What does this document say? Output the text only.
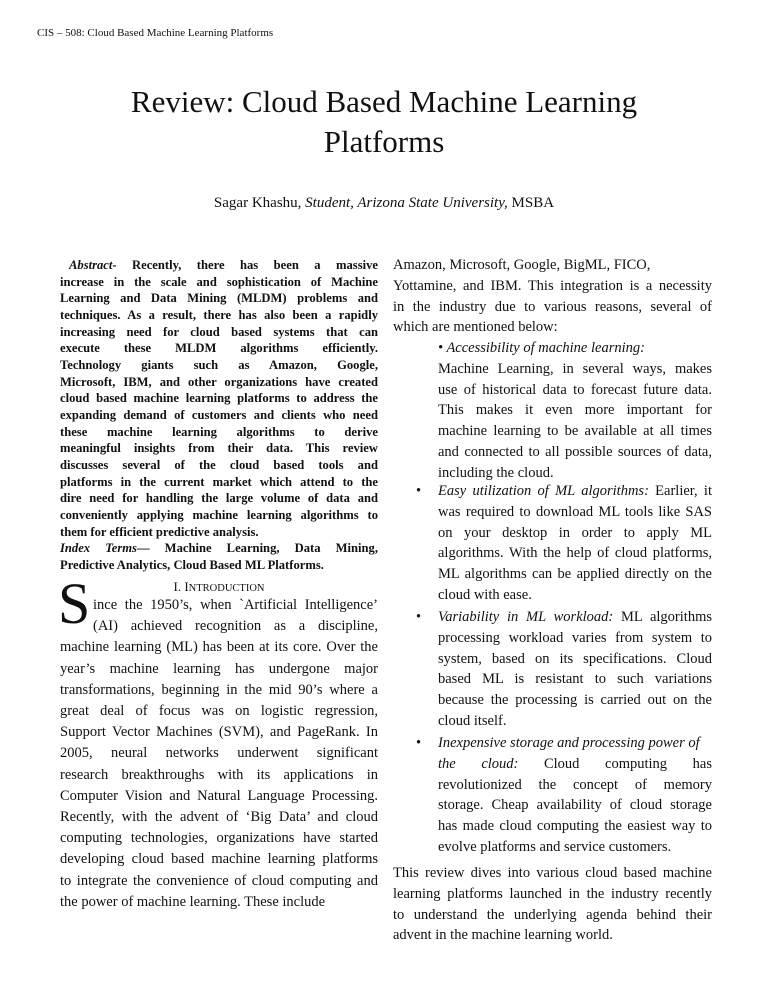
CIS – 508: Cloud Based Machine Learning Platforms
Review: Cloud Based Machine Learning
Platforms
Sagar Khashu, Student, Arizona State University, MSBA
Abstract- Recently, there has been a massive
increase in the scale and sophistication of Machine
Learning and Data Mining (MLDM) problems and
techniques. As a result, there has also been a rapidly
increasing need for cloud based systems that can
execute these MLDM algorithms efficiently.
Technology giants such as Amazon, Google,
Microsoft, IBM, and other organizations have created
cloud based machine learning platforms to address the
expanding demand of customers and clients who need
these machine learning algorithms to derive
meaningful insights from their data. This review
discusses several of the cloud based tools and
platforms in the current market which attend to the
dire need for handling the large volume of data and
conveniently applying machine learning algorithms to
them for efficient predictive analysis.
Index Terms— Machine Learning, Data Mining,
Predictive Analytics, Cloud Based ML Platforms.
I. INTRODUCTION
S ince the 1950’s, when `Artificial Intelligence’
(AI) achieved recognition as a discipline,
machine learning (ML) has been at its core. Over the
year’s machine learning has undergone major
transformations, beginning in the mid 90’s where a
great deal of focus was on logistic regression,
Support Vector Machines (SVM), and PageRank. In
2005, neural networks underwent significant
research breakthroughs with its applications in
Computer Vision and Natural Language Processing.
Recently, with the advent of ‘Big Data’ and cloud
computing technologies, organizations have started
developing cloud based machine learning platforms
to integrate the convenience of cloud computing and
the power of machine learning. These include
Amazon, Microsoft, Google, BigML, FICO,
Yottamine, and IBM. This integration is a necessity
in the industry due to various reasons, several of
which are mentioned below:
• Accessibility of machine learning:
Machine Learning, in several ways, makes
use of historical data to forecast future data.
This makes it even more important for
machine learning to be available at all times
and connected to all possible sources of data,
including the cloud.
• Easy utilization of ML algorithms: Earlier, it
was required to download ML tools like SAS
on your desktop in order to apply ML
algorithms. With the help of cloud platforms,
ML algorithms can be applied directly on the
cloud with ease.
• Variability in ML workload: ML algorithms
processing workload varies from system to
system, based on its specifications. Cloud
based ML is resistant to such variations
because the processing is carried out on the
cloud itself.
• Inexpensive storage and processing power of
the cloud: Cloud computing has
revolutionized the concept of memory
storage. Cheap availability of cloud storage
has made cloud computing the easiest way to
evolve platforms and service customers.
This review dives into various cloud based machine
learning platforms launched in the industry recently
to understand the underlying agenda behind their
advent in the machine learning world.
